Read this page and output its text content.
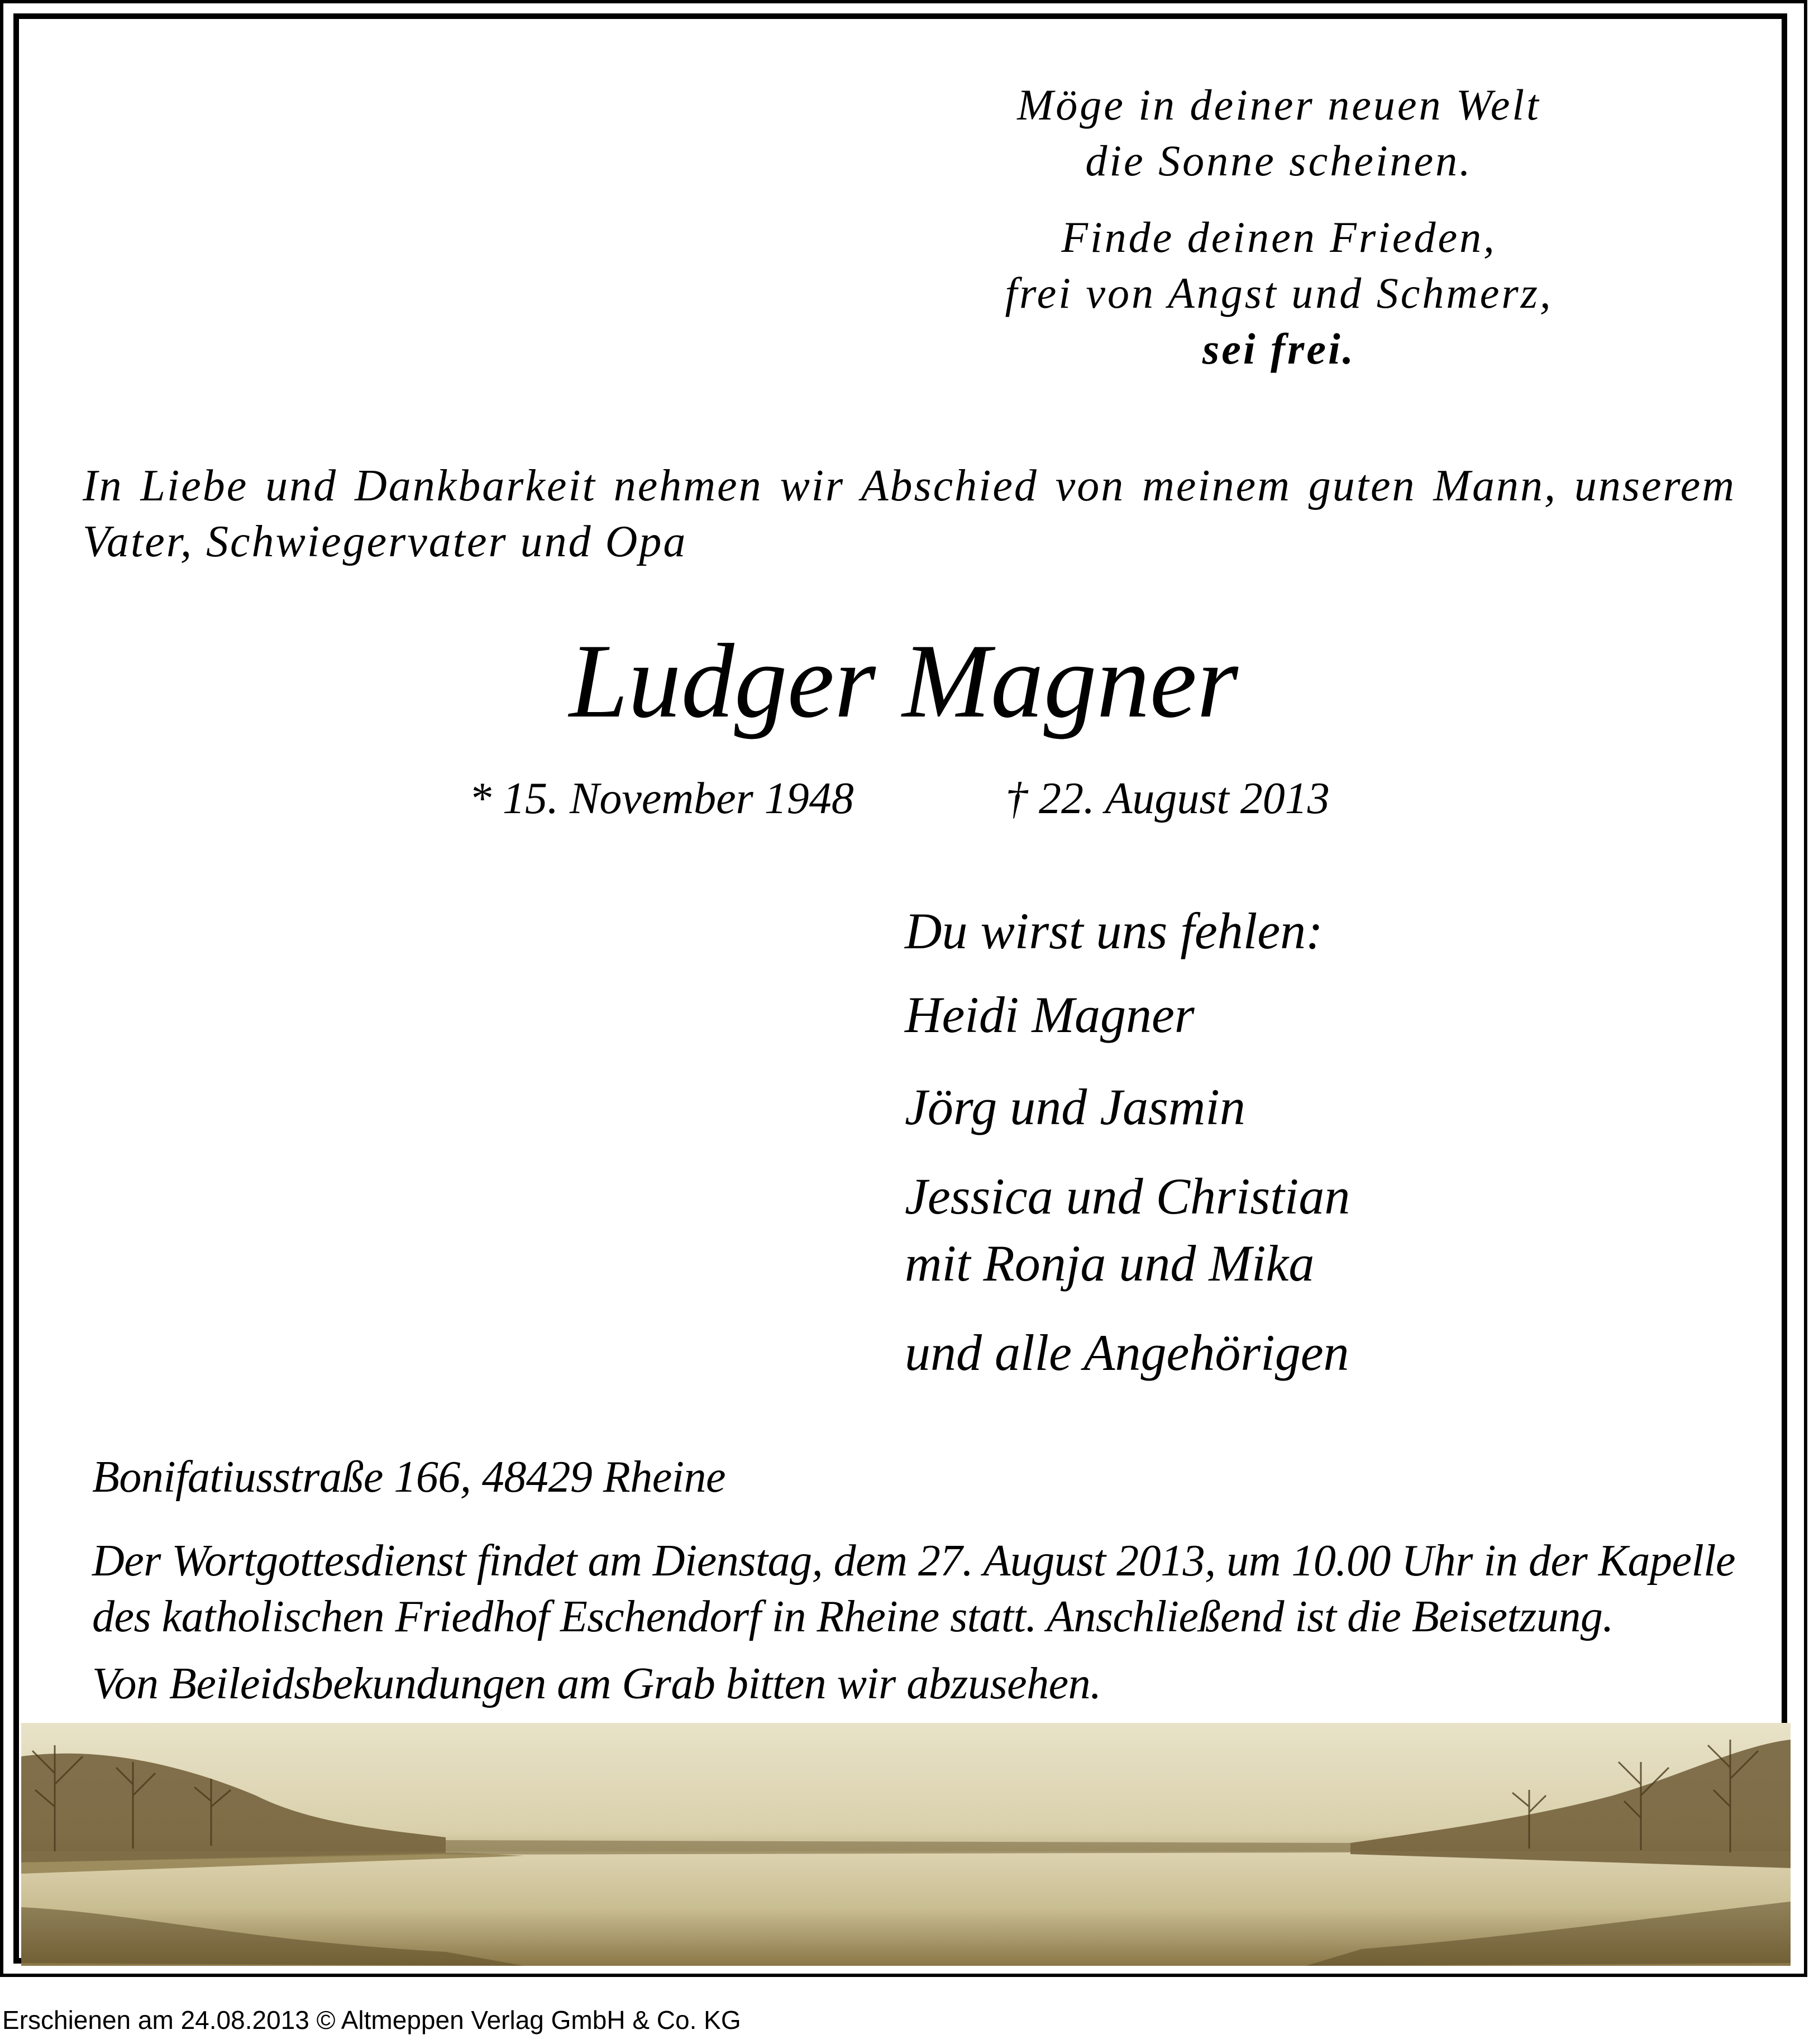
Möge in deiner neuen Welt
die Sonne scheinen.
Finde deinen Frieden,
frei von Angst und Schmerz,
sei frei.
In Liebe und Dankbarkeit nehmen wir Abschied von meinem guten Mann, unserem Vater, Schwiegervater und Opa
Ludger Magner
* 15. November 1948	† 22. August 2013
Du wirst uns fehlen:
Heidi Magner
Jörg und Jasmin
Jessica und Christian
mit Ronja und Mika
und alle Angehörigen
Bonifatiusstraße 166, 48429 Rheine
Der Wortgottesdienst findet am Dienstag, dem 27. August 2013, um 10.00 Uhr in der Kapelle
des katholischen Friedhof Eschendorf in Rheine statt. Anschließend ist die Beisetzung.
Von Beileidsbekundungen am Grab bitten wir abzusehen.
Erschienen am 24.08.2013 © Altmeppen Verlag GmbH & Co. KG
